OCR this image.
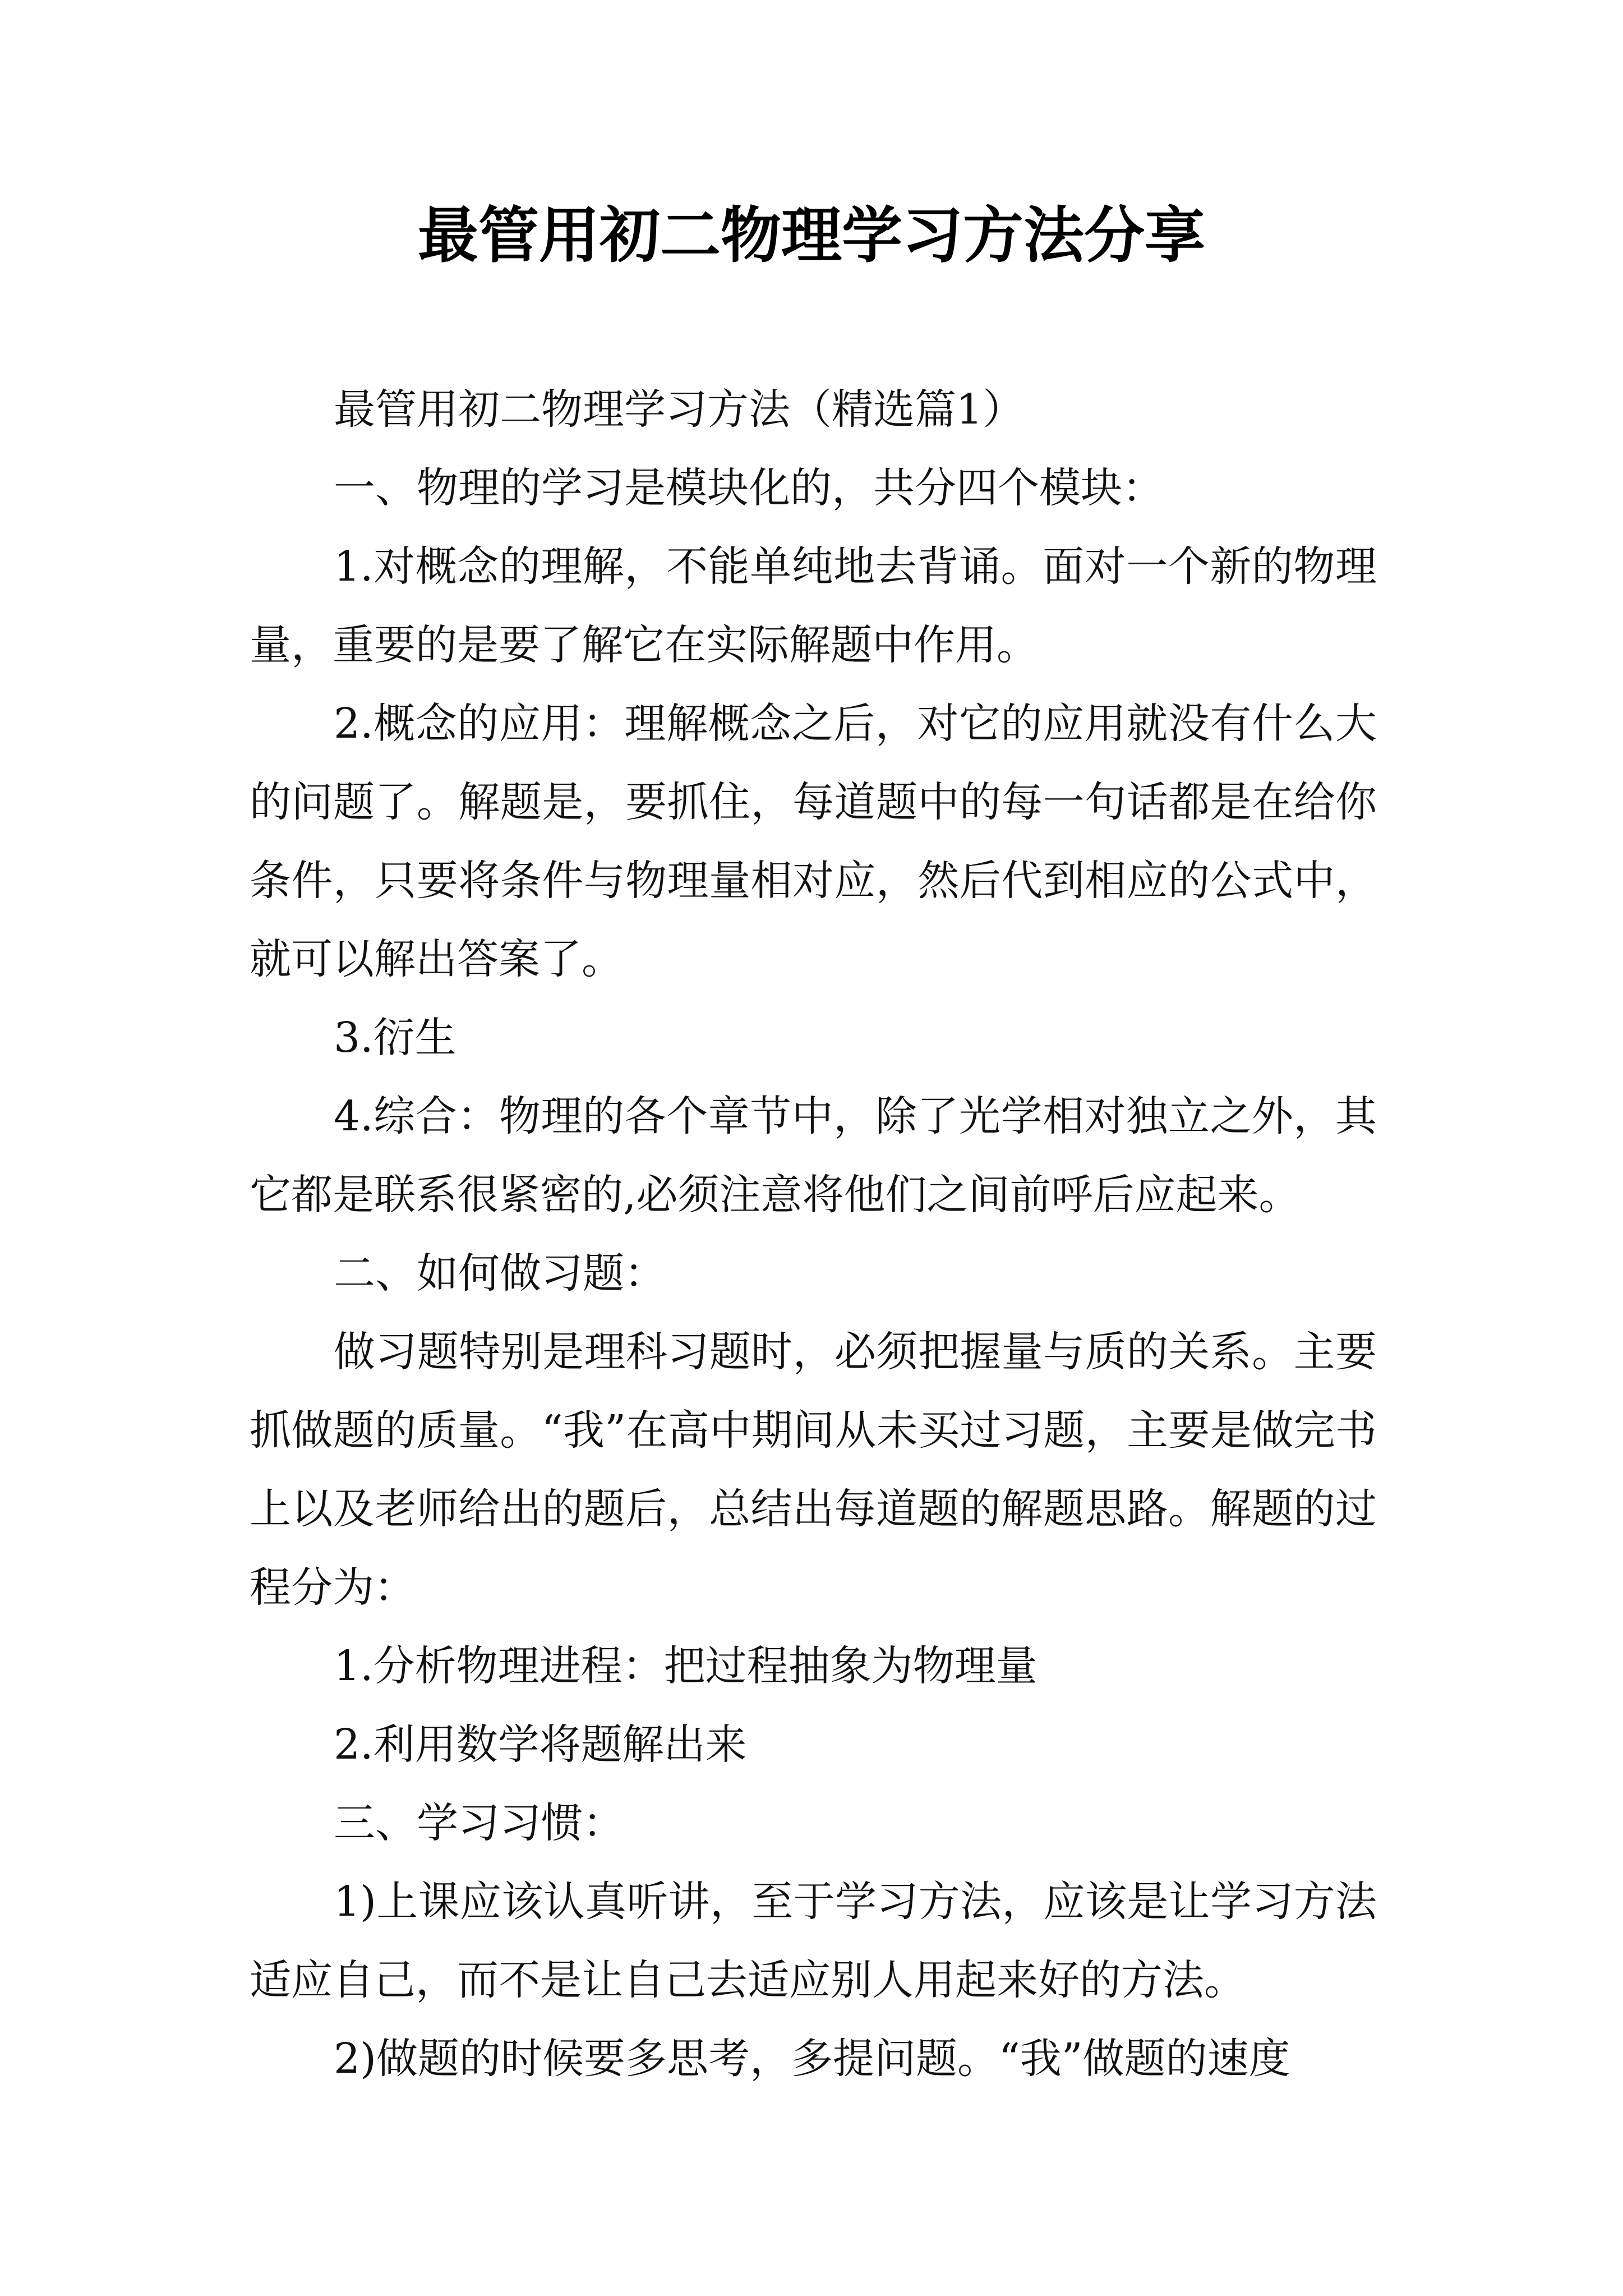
最管用初二物理学习方法分享

最管用初二物理学习方法（精选篇1）

一、物理的学习是模块化的，共分四个模块：

1.对概念的理解，不能单纯地去背诵。面对一个新的物理量，重要的是要了解它在实际解题中作用。

2.概念的应用：理解概念之后，对它的应用就没有什么大的问题了。解题是，要抓住，每道题中的每一句话都是在给你条件，只要将条件与物理量相对应，然后代到相应的公式中，就可以解出答案了。

3.衍生

4.综合：物理的各个章节中，除了光学相对独立之外，其它都是联系很紧密的,必须注意将他们之间前呼后应起来。

二、如何做习题：

做习题特别是理科习题时，必须把握量与质的关系。主要抓做题的质量。“我”在高中期间从未买过习题，主要是做完书上以及老师给出的题后，总结出每道题的解题思路。解题的过程分为：

1.分析物理进程：把过程抽象为物理量

2.利用数学将题解出来

三、学习习惯：

1)上课应该认真听讲，至于学习方法，应该是让学习方法适应自己，而不是让自己去适应别人用起来好的方法。

2)做题的时候要多思考，多提问题。“我”做题的速度
